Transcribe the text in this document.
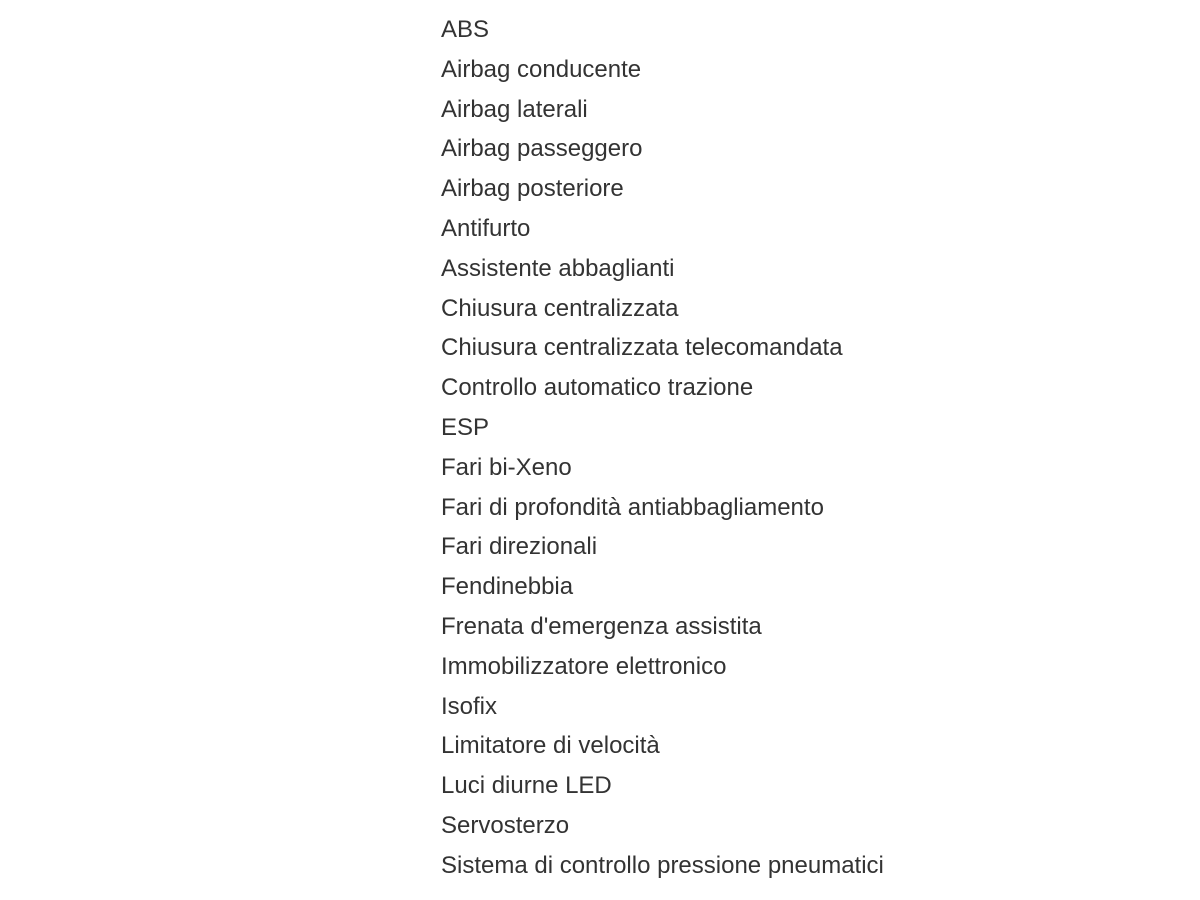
ABS
Airbag conducente
Airbag laterali
Airbag passeggero
Airbag posteriore
Antifurto
Assistente abbaglianti
Chiusura centralizzata
Chiusura centralizzata telecomandata
Controllo automatico trazione
ESP
Fari bi-Xeno
Fari di profondità antiabbagliamento
Fari direzionali
Fendinebbia
Frenata d'emergenza assistita
Immobilizzatore elettronico
Isofix
Limitatore di velocità
Luci diurne LED
Servosterzo
Sistema di controllo pressione pneumatici
